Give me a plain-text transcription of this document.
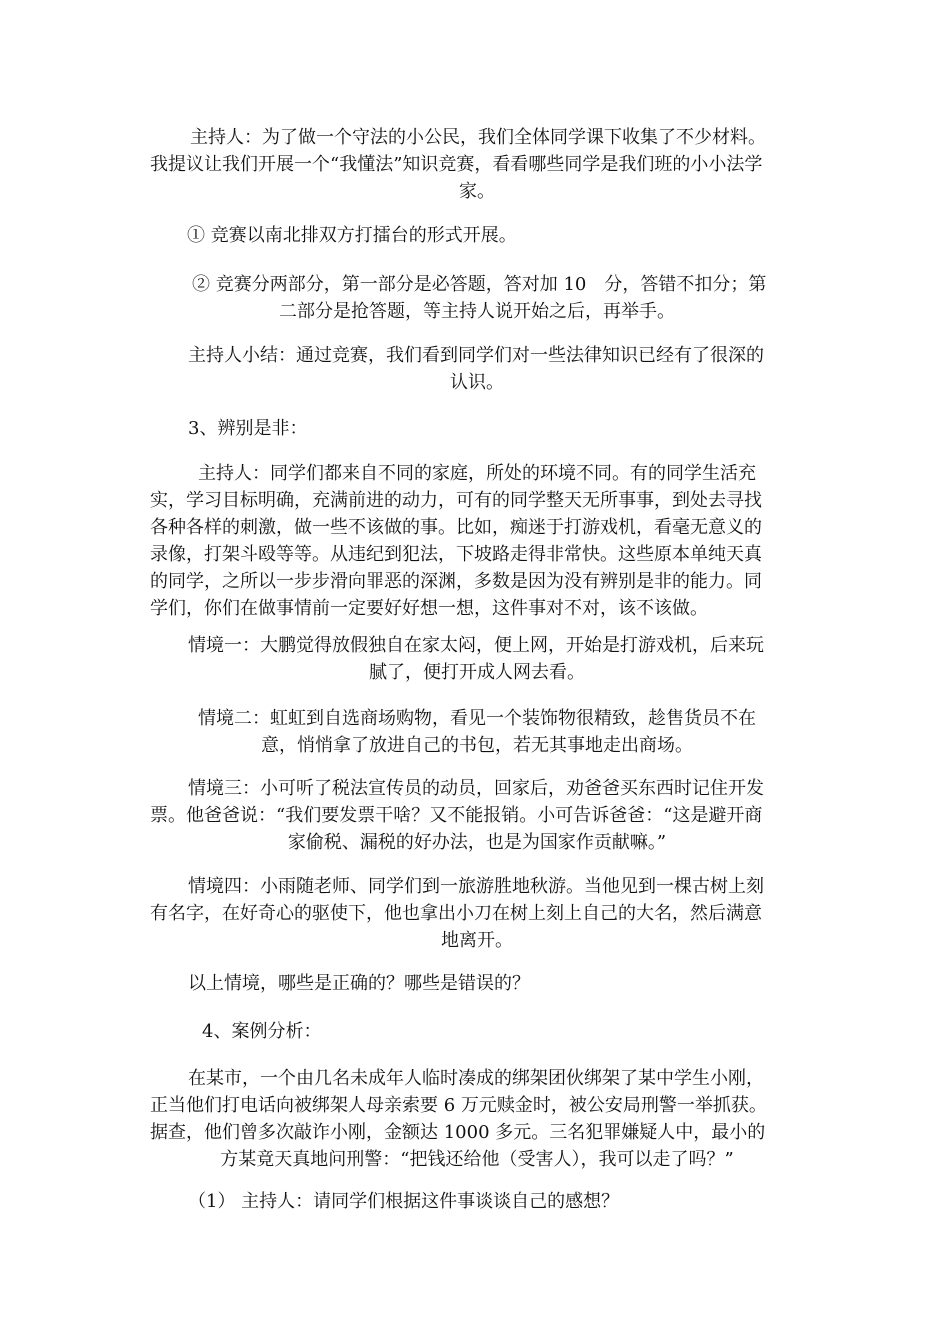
主持人：为了做一个守法的小公民，我们全体同学课下收集了不少材料。
我提议让我们开展一个“我懂法”知识竞赛，看看哪些同学是我们班的小小法学
家。
① 竞赛以南北排双方打擂台的形式开展。
② 竞赛分两部分，第一部分是必答题，答对加 10　分，答错不扣分；第
二部分是抢答题，等主持人说开始之后，再举手。
主持人小结：通过竞赛，我们看到同学们对一些法律知识已经有了很深的
认识。
3、辨别是非：
主持人：同学们都来自不同的家庭，所处的环境不同。有的同学生活充
实，学习目标明确，充满前进的动力，可有的同学整天无所事事，到处去寻找
各种各样的刺激，做一些不该做的事。比如，痴迷于打游戏机，看毫无意义的
录像，打架斗殴等等。从违纪到犯法，下坡路走得非常快。这些原本单纯天真
的同学，之所以一步步滑向罪恶的深渊，多数是因为没有辨别是非的能力。同
学们，你们在做事情前一定要好好想一想，这件事对不对，该不该做。
情境一：大鹏觉得放假独自在家太闷，便上网，开始是打游戏机，后来玩
腻了，便打开成人网去看。
情境二：虹虹到自选商场购物，看见一个装饰物很精致，趁售货员不在
意，悄悄拿了放进自己的书包，若无其事地走出商场。
情境三：小可听了税法宣传员的动员，回家后，劝爸爸买东西时记住开发
票。他爸爸说：“我们要发票干啥？又不能报销。小可告诉爸爸：“这是避开商
家偷税、漏税的好办法，也是为国家作贡献嘛。”
情境四：小雨随老师、同学们到一旅游胜地秋游。当他见到一棵古树上刻
有名字，在好奇心的驱使下，他也拿出小刀在树上刻上自己的大名，然后满意
地离开。
以上情境，哪些是正确的？哪些是错误的？
4、案例分析：
在某市，一个由几名未成年人临时凑成的绑架团伙绑架了某中学生小刚，
正当他们打电话向被绑架人母亲索要 6 万元赎金时，被公安局刑警一举抓获。
据查，他们曾多次敲诈小刚，金额达 1000 多元。三名犯罪嫌疑人中，最小的
方某竟天真地问刑警：“把钱还给他（受害人），我可以走了吗？”
（1） 主持人：请同学们根据这件事谈谈自己的感想？
